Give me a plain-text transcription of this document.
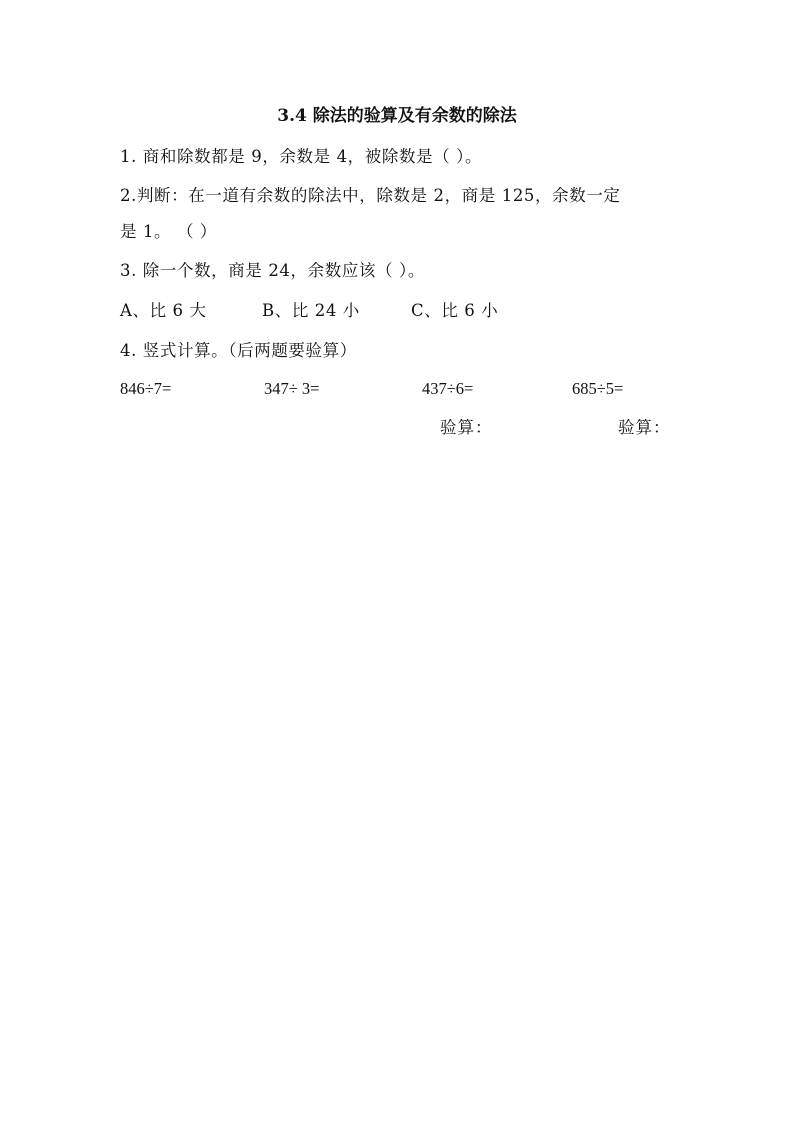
3.4 除法的验算及有余数的除法
1. 商和除数都是 9，余数是 4，被除数是（ ）。
2.判断：在一道有余数的除法中，除数是 2，商是 125，余数一定
是 1。 （ ）
3. 除一个数，商是 24，余数应该（ ）。
A、比 6 大	B、比 24 小	C、比 6 小
4. 竖式计算。（后两题要验算）
846÷7=	347÷ 3=	437÷6=	685÷5=
验算：	验算：
